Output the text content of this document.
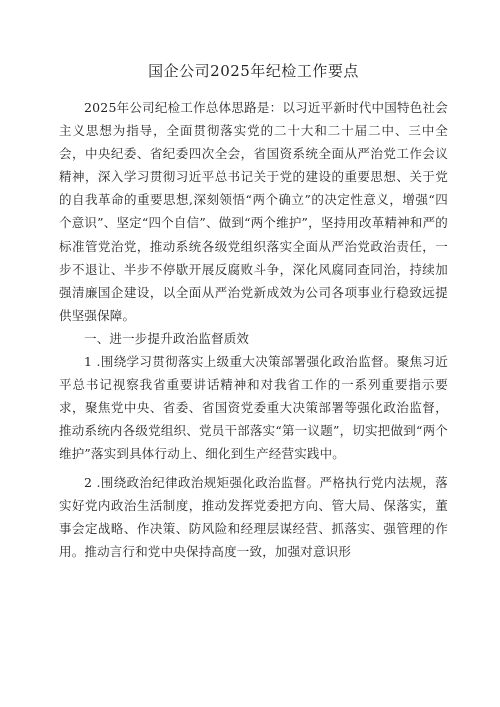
国企公司2025年纪检工作要点

2025年公司纪检工作总体思路是：以习近平新时代中国特色社会主义思想为指导，全面贯彻落实党的二十大和二十届二中、三中全会，中央纪委、省纪委四次全会，省国资系统全面从严治党工作会议精神，深入学习贯彻习近平总书记关于党的建设的重要思想、关于党的自我革命的重要思想,深刻领悟“两个确立”的决定性意义，增强“四个意识”、坚定“四个自信”、做到“两个维护”，坚持用改革精神和严的标准管党治党，推动系统各级党组织落实全面从严治党政治责任，一步不退让、半步不停歇开展反腐败斗争，深化风腐同查同治，持续加强清廉国企建设，以全面从严治党新成效为公司各项事业行稳致远提供坚强保障。

一、进一步提升政治监督质效

1 .围绕学习贯彻落实上级重大决策部署强化政治监督。聚焦习近平总书记视察我省重要讲话精神和对我省工作的一系列重要指示要求，聚焦党中央、省委、省国资党委重大决策部署等强化政治监督，推动系统内各级党组织、党员干部落实“第一议题”，切实把做到“两个维护”落实到具体行动上、细化到生产经营实践中。

2 .围绕政治纪律政治规矩强化政治监督。严格执行党内法规，落实好党内政治生活制度，推动发挥党委把方向、管大局、保落实，董事会定战略、作决策、防风险和经理层谋经营、抓落实、强管理的作用。推动言行和党中央保持高度一致，加强对意识形
